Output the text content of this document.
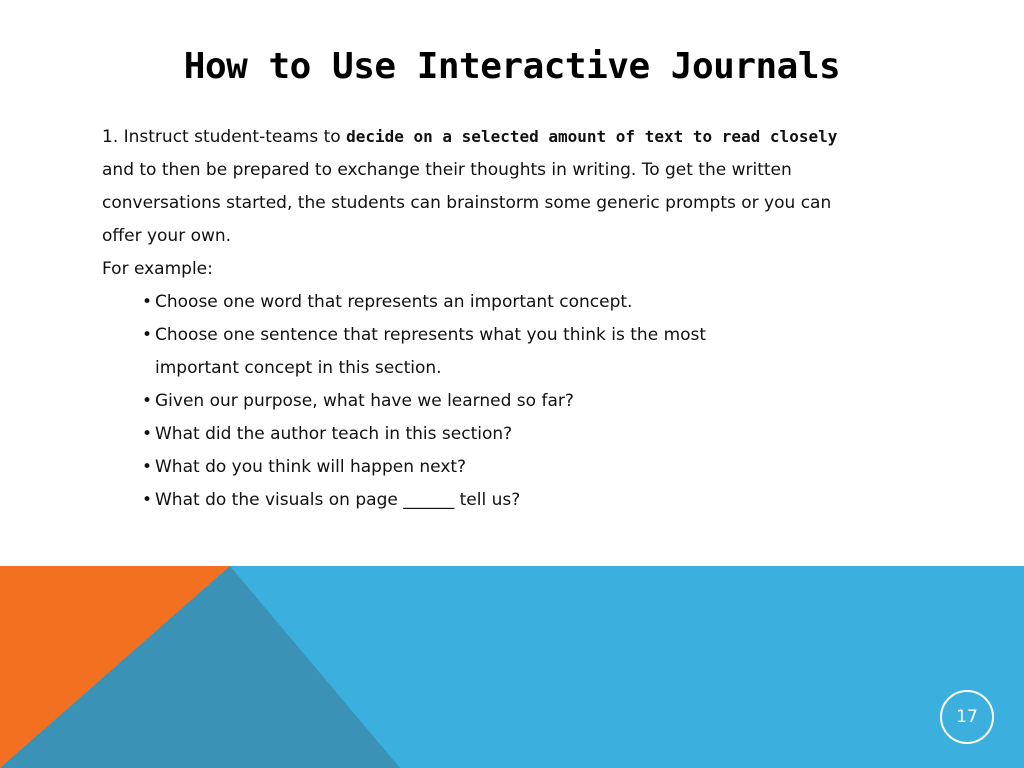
How to Use Interactive Journals

1. Instruct student-teams to decide on a selected amount of text to read closely and to then be prepared to exchange their thoughts in writing. To get the written conversations started, the students can brainstorm some generic prompts or you can offer your own.

For example:

• Choose one word that represents an important concept.
• Choose one sentence that represents what you think is the most important concept in this section.
• Given our purpose, what have we learned so far?
• What did the author teach in this section?
• What do you think will happen next?
• What do the visuals on page ______ tell us?
17
